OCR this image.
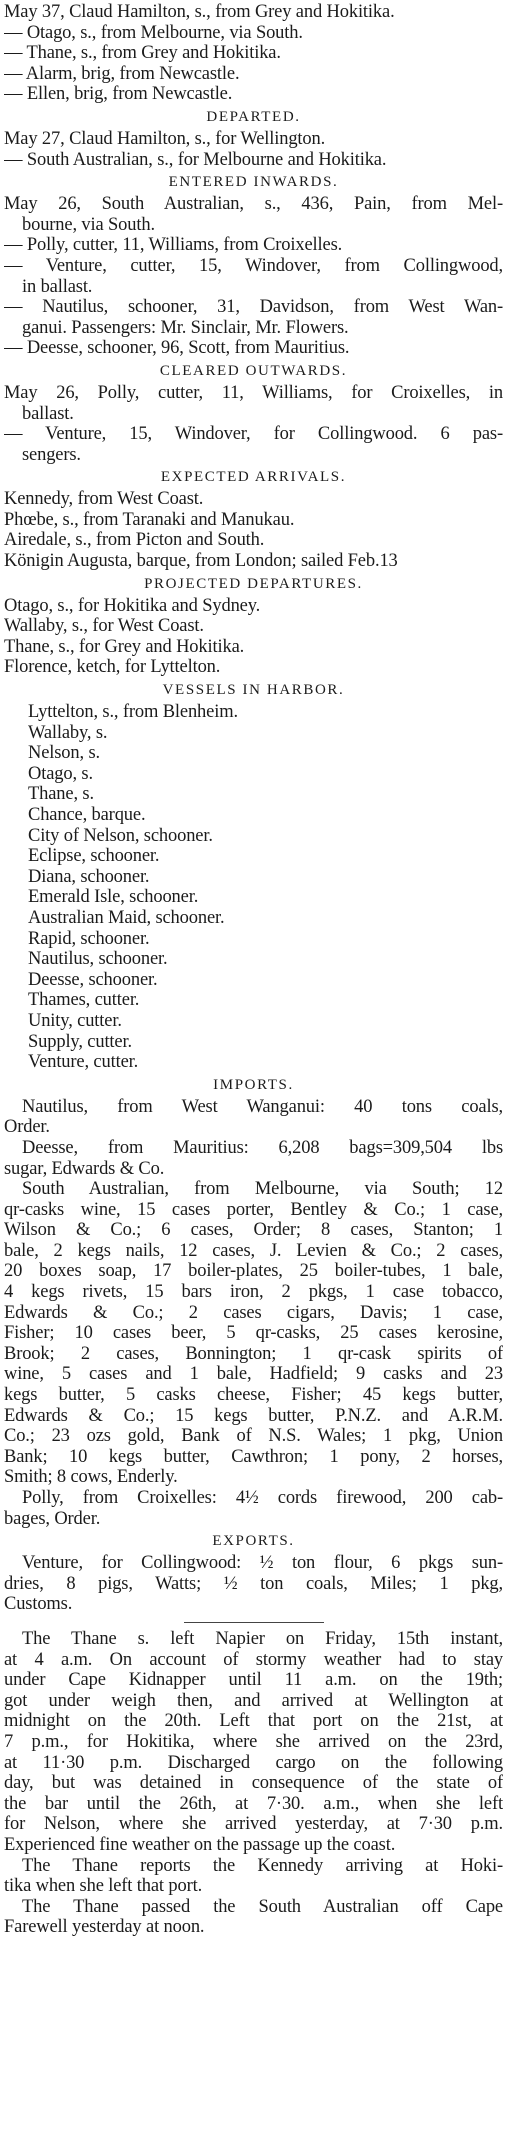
May 37, Claud Hamilton, s., from Grey and Hokitika.
— Otago, s., from Melbourne, via South.
— Thane, s., from Grey and Hokitika.
— Alarm, brig, from Newcastle.
— Ellen, brig, from Newcastle.
DEPARTED.
May 27, Claud Hamilton, s., for Wellington.
— South Australian, s., for Melbourne and Hokitika.
ENTERED INWARDS.
May 26, South Australian, s., 436, Pain, from Mel-
bourne, via South.
— Polly, cutter, 11, Williams, from Croixelles.
— Venture, cutter, 15, Windover, from Collingwood,
in ballast.
— Nautilus, schooner, 31, Davidson, from West Wan-
ganui. Passengers: Mr. Sinclair, Mr. Flowers.
— Deesse, schooner, 96, Scott, from Mauritius.
CLEARED OUTWARDS.
May 26, Polly, cutter, 11, Williams, for Croixelles, in
ballast.
— Venture, 15, Windover, for Collingwood. 6 pas-
sengers.
EXPECTED ARRIVALS.
Kennedy, from West Coast.
Phœbe, s., from Taranaki and Manukau.
Airedale, s., from Picton and South.
Königin Augusta, barque, from London; sailed Feb.13
PROJECTED DEPARTURES.
Otago, s., for Hokitika and Sydney.
Wallaby, s., for West Coast.
Thane, s., for Grey and Hokitika.
Florence, ketch, for Lyttelton.
VESSELS IN HARBOR.
Lyttelton, s., from Blenheim.
Wallaby, s.
Nelson, s.
Otago, s.
Thane, s.
Chance, barque.
City of Nelson, schooner.
Eclipse, schooner.
Diana, schooner.
Emerald Isle, schooner.
Australian Maid, schooner.
Rapid, schooner.
Nautilus, schooner.
Deesse, schooner.
Thames, cutter.
Unity, cutter.
Supply, cutter.
Venture, cutter.
IMPORTS.
Nautilus, from West Wanganui: 40 tons coals,
Order.
Deesse, from Mauritius: 6,208 bags=309,504 lbs
sugar, Edwards & Co.
South Australian, from Melbourne, via South; 12
qr-casks wine, 15 cases porter, Bentley & Co.; 1 case,
Wilson & Co.; 6 cases, Order; 8 cases, Stanton; 1
bale, 2 kegs nails, 12 cases, J. Levien & Co.; 2 cases,
20 boxes soap, 17 boiler-plates, 25 boiler-tubes, 1 bale,
4 kegs rivets, 15 bars iron, 2 pkgs, 1 case tobacco,
Edwards & Co.; 2 cases cigars, Davis; 1 case,
Fisher; 10 cases beer, 5 qr-casks, 25 cases kerosine,
Brook; 2 cases, Bonnington; 1 qr-cask spirits of
wine, 5 cases and 1 bale, Hadfield; 9 casks and 23
kegs butter, 5 casks cheese, Fisher; 45 kegs butter,
Edwards & Co.; 15 kegs butter, P.N.Z. and A.R.M.
Co.; 23 ozs gold, Bank of N.S. Wales; 1 pkg, Union
Bank; 10 kegs butter, Cawthron; 1 pony, 2 horses,
Smith; 8 cows, Enderly.
Polly, from Croixelles: 4½ cords firewood, 200 cab-
bages, Order.
EXPORTS.
Venture, for Collingwood: ½ ton flour, 6 pkgs sun-
dries, 8 pigs, Watts; ½ ton coals, Miles; 1 pkg,
Customs.
The Thane s. left Napier on Friday, 15th instant,
at 4 a.m. On account of stormy weather had to stay
under Cape Kidnapper until 11 a.m. on the 19th;
got under weigh then, and arrived at Wellington at
midnight on the 20th. Left that port on the 21st, at
7 p.m., for Hokitika, where she arrived on the 23rd,
at 11·30 p.m. Discharged cargo on the following
day, but was detained in consequence of the state of
the bar until the 26th, at 7·30. a.m., when she left
for Nelson, where she arrived yesterday, at 7·30 p.m.
Experienced fine weather on the passage up the coast.
The Thane reports the Kennedy arriving at Hoki-
tika when she left that port.
The Thane passed the South Australian off Cape
Farewell yesterday at noon.
